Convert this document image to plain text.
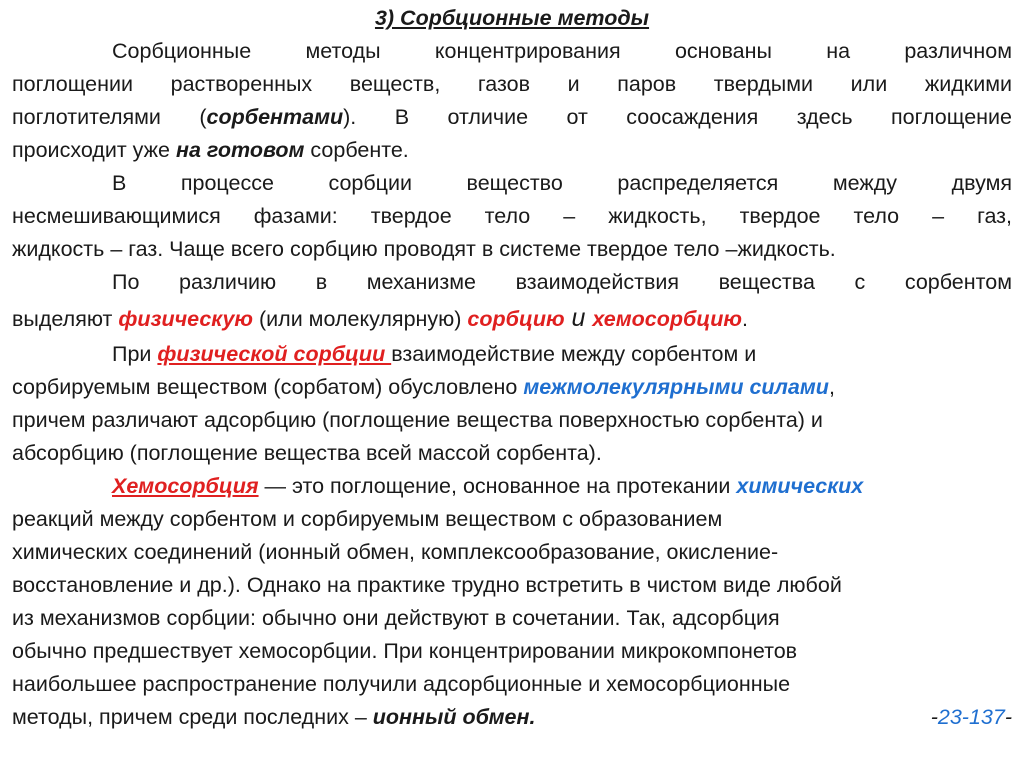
3) Сорбционные методы

Сорбционные методы концентрирования основаны на различном

поглощении растворенных веществ, газов и паров твердыми или жидкими

поглотителями (сорбентами). В отличие от соосаждения здесь поглощение

происходит уже на готовом сорбенте.

В процессе сорбции вещество распределяется между двумя

несмешивающимися фазами: твердое тело – жидкость, твердое тело – газ,

жидкость – газ. Чаще всего сорбцию проводят в системе твердое тело –жидкость.

По различию в механизме взаимодействия вещества с сорбентом

выделяют физическую (или молекулярную) сорбцию и хемосорбцию.

При физической сорбции взаимодействие между сорбентом и

сорбируемым веществом (сорбатом) обусловлено межмолекулярными силами,

причем различают адсорбцию (поглощение вещества поверхностью сорбента) и

абсорбцию (поглощение вещества всей массой сорбента).

Хемосорбция — это поглощение, основанное на протекании химических

реакций между сорбентом и сорбируемым веществом с образованием

химических соединений (ионный обмен, комплексообразование, окисление-

восстановление и др.). Однако на практике трудно встретить в чистом виде любой

из механизмов сорбции: обычно они действуют в сочетании. Так, адсорбция

обычно предшествует хемосорбции. При концентрировании микрокомпонетов

наибольшее распространение получили адсорбционные и хемосорбционные

методы, причем среди последних – ионный обмен.	-23-137-
